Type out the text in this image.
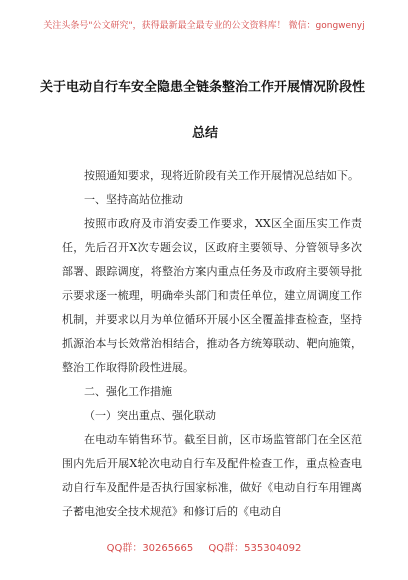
关注头条号"公文研究"，获得最新最全最专业的公文资料库！ 微信：gongwenyj
关于电动自行车安全隐患全链条整治工作开展情况阶段性
总结

按照通知要求，现将近阶段有关工作开展情况总结如下。

一、坚持高站位推动

按照市政府及市消安委工作要求，XX区全面压实工作责任，先后召开X次专题会议，区政府主要领导、分管领导多次部署、跟踪调度，将整治方案内重点任务及市政府主要领导批示要求逐一梳理，明确牵头部门和责任单位，建立周调度工作机制，并要求以月为单位循环开展小区全覆盖排查检查，坚持抓源治本与长效常治相结合，推动各方统筹联动、靶向施策，整治工作取得阶段性进展。

二、强化工作措施

（一）突出重点、强化联动

在电动车销售环节。截至目前，区市场监管部门在全区范围内先后开展X轮次电动自行车及配件检查工作，重点检查电动自行车及配件是否执行国家标准，做好《电动自行车用锂离子蓄电池安全技术规范》和修订后的《电动自

QQ群：30265665 QQ群：535304092
